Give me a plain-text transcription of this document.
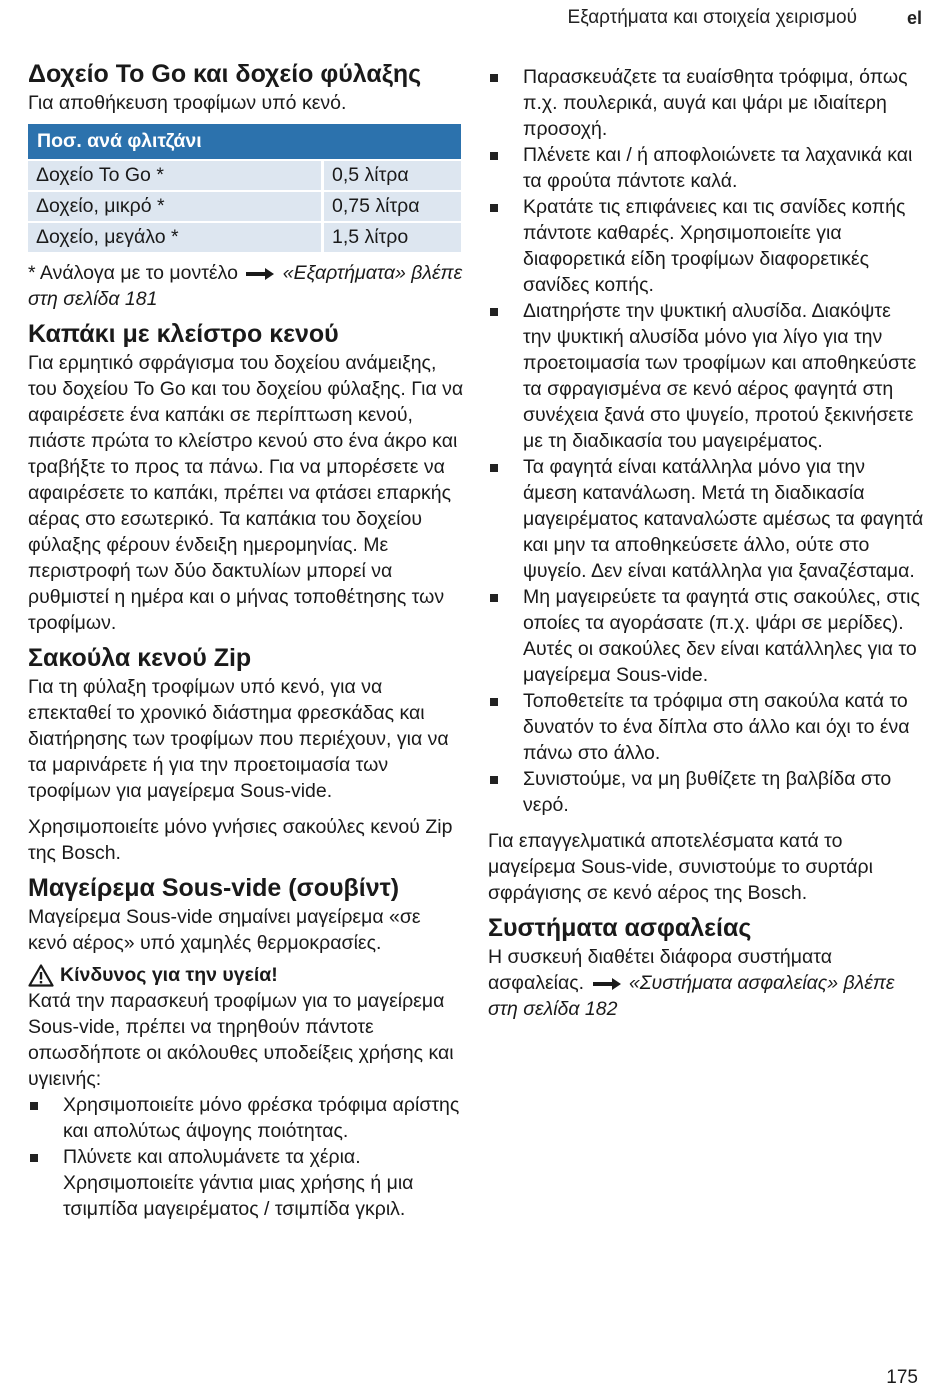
Εξαρτήματα και στοιχεία χειρισμού	el
Δοχείο To Go και δοχείο φύλαξης

Για αποθήκευση τροφίμων υπό κενό.

Ποσ. ανά φλιτζάνι	
Δοχείο To Go *	0,5 λίτρα
Δοχείο, μικρό *	0,75 λίτρα
Δοχείο, μεγάλο *	1,5 λίτρο

* Ανάλογα με το μοντέλο «Εξαρτήματα» βλέπε στη σελίδα 181

Καπάκι με κλείστρο κενού

Για ερμητικό σφράγισμα του δοχείου ανάμειξης, του δοχείου To Go και του δοχείου φύλαξης. Για να αφαιρέσετε ένα καπάκι σε περίπτωση κενού, πιάστε πρώτα το κλείστρο κενού στο ένα άκρο και τραβήξτε το προς τα πάνω. Για να μπορέσετε να αφαιρέσετε το καπάκι, πρέπει να φτάσει επαρκής αέρας στο εσωτερικό. Τα καπάκια του δοχείου φύλαξης φέρουν ένδειξη ημερομηνίας. Με περιστροφή των δύο δακτυλίων μπορεί να ρυθμιστεί η ημέρα και ο μήνας τοποθέτησης των τροφίμων.

Σακούλα κενού Zip

Για τη φύλαξη τροφίμων υπό κενό, για να επεκταθεί το χρονικό διάστημα φρεσκάδας και διατήρησης των τροφίμων που περιέχουν, για να τα μαρινάρετε ή για την προετοιμασία των τροφίμων για μαγείρεμα Sous-vide.

Χρησιμοποιείτε μόνο γνήσιες σακούλες κενού Zip της Bosch.

Μαγείρεμα Sous-vide (σουβίντ)

Μαγείρεμα Sous-vide σημαίνει μαγείρεμα «σε κενό αέρος» υπό χαμηλές θερμοκρασίες.

Κίνδυνος για την υγεία!

Κατά την παρασκευή τροφίμων για το μαγείρεμα Sous-vide, πρέπει να τηρηθούν πάντοτε οπωσδήποτε οι ακόλουθες υποδείξεις χρήσης και υγιεινής:

Χρησιμοποιείτε μόνο φρέσκα τρόφιμα αρίστης και απολύτως άψογης ποιότητας.
Πλύνετε και απολυμάνετε τα χέρια. Χρησιμοποιείτε γάντια μιας χρήσης ή μια τσιμπίδα μαγειρέματος / τσιμπίδα γκριλ.
Παρασκευάζετε τα ευαίσθητα τρόφιμα, όπως π.χ. πουλερικά, αυγά και ψάρι με ιδιαίτερη προσοχή.
Πλένετε και / ή αποφλοιώνετε τα λαχανικά και τα φρούτα πάντοτε καλά.
Κρατάτε τις επιφάνειες και τις σανίδες κοπής πάντοτε καθαρές. Χρησιμοποιείτε για διαφορετικά είδη τροφίμων διαφορετικές σανίδες κοπής.
Διατηρήστε την ψυκτική αλυσίδα. Διακόψτε την ψυκτική αλυσίδα μόνο για λίγο για την προετοιμασία των τροφίμων και αποθηκεύστε τα σφραγισμένα σε κενό αέρος φαγητά στη συνέχεια ξανά στο ψυγείο, προτού ξεκινήσετε με τη διαδικασία του μαγειρέματος.
Τα φαγητά είναι κατάλληλα μόνο για την άμεση κατανάλωση. Μετά τη διαδικασία μαγειρέματος καταναλώστε αμέσως τα φαγητά και μην τα αποθηκεύσετε άλλο, ούτε στο ψυγείο. Δεν είναι κατάλληλα για ξαναζέσταμα.
Μη μαγειρεύετε τα φαγητά στις σακούλες, στις οποίες τα αγοράσατε (π.χ. ψάρι σε μερίδες). Αυτές οι σακούλες δεν είναι κατάλληλες για το μαγείρεμα Sous-vide.
Τοποθετείτε τα τρόφιμα στη σακούλα κατά το δυνατόν το ένα δίπλα στο άλλο και όχι το ένα πάνω στο άλλο.
Συνιστούμε, να μη βυθίζετε τη βαλβίδα στο νερό.

Για επαγγελματικά αποτελέσματα κατά το μαγείρεμα Sous-vide, συνιστούμε το συρτάρι σφράγισης σε κενό αέρος της Bosch.

Συστήματα ασφαλείας

Η συσκευή διαθέτει διάφορα συστήματα ασφαλείας. «Συστήματα ασφαλείας» βλέπε στη σελίδα 182

175
